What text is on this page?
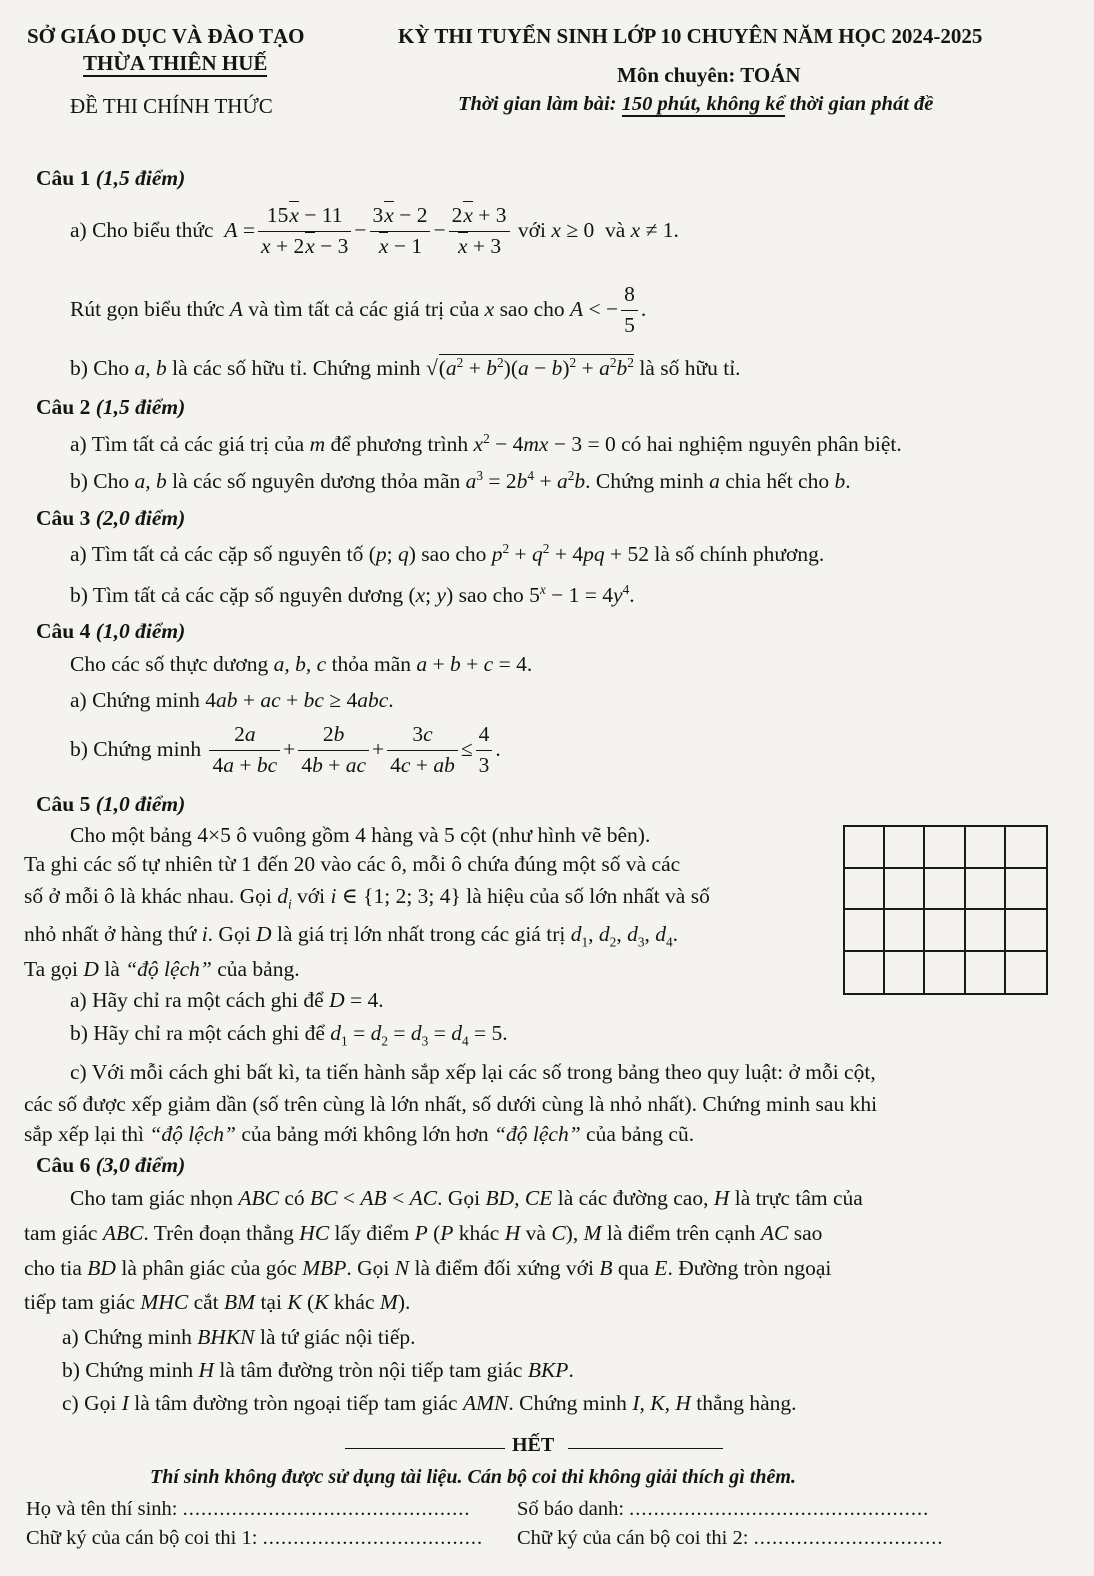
SỞ GIÁO DỤC VÀ ĐÀO TẠO
THỪA THIÊN HUẾ
ĐỀ THI CHÍNH THỨC
KỲ THI TUYỂN SINH LỚP 10 CHUYÊN NĂM HỌC 2024-2025
Môn chuyên: TOÁN
Thời gian làm bài: 150 phút, không kể thời gian phát đề
Câu 1 (1,5 điểm)
a) Cho biểu thức
$A = \frac{15x - 11}{x + 2x - 3} - \frac{3x - 2}{x - 1} - \frac{2x + 3}{x + 3}$
với
x ≥ 0 và
x ≠ 1.
Rút gọn biểu thức
A
và tìm tất cả các giá trị của
x
sao cho
A < − $\frac{8}{5}$ .
b) Cho a, b là các số hữu tỉ. Chứng minh $√(a^2 + b^2)(a - b)^2 + a^2b^2$ là số hữu tỉ.
Câu 2 (1,5 điểm)
a) Tìm tất cả các giá trị của m để phương trình $x^2 - 4mx - 3 = 0$ có hai nghiệm nguyên phân biệt.
b) Cho a, b là các số nguyên dương thỏa mãn $a^3 = 2b^4 + a^2b$. Chứng minh a chia hết cho b.
Câu 3 (2,0 điểm)
a) Tìm tất cả các cặp số nguyên tố (p; q) sao cho $p^2 + q^2 + 4pq + 52$ là số chính phương.
b) Tìm tất cả các cặp số nguyên dương (x; y) sao cho $5^x - 1 = 4y^4$.
Câu 4 (1,0 điểm)
Cho các số thực dương a, b, c thỏa mãn a + b + c = 4.
a) Chứng minh 4ab + ac + bc ≥ 4abc.
b) Chứng minh
$\frac{2a}{4a + bc} + \frac{2b}{4b + ac} + \frac{3c}{4c + ab} \le \frac{4}{3}$ .
Câu 5 (1,0 điểm)
Cho một bảng 4×5 ô vuông gồm 4 hàng và 5 cột (như hình vẽ bên).
Ta ghi các số tự nhiên từ 1 đến 20 vào các ô, mỗi ô chứa đúng một số và các
số ở mỗi ô là khác nhau. Gọi $d_i$ với i ∈ {1; 2; 3; 4} là hiệu của số lớn nhất và số
nhỏ nhất ở hàng thứ i. Gọi D là giá trị lớn nhất trong các giá trị $d_1$, $d_2$, $d_3$, $d_4$.
Ta gọi D là “độ lệch” của bảng.
a) Hãy chỉ ra một cách ghi để D = 4.
b) Hãy chỉ ra một cách ghi để $d_1 = d_2 = d_3 = d_4 = 5$.
c) Với mỗi cách ghi bất kì, ta tiến hành sắp xếp lại các số trong bảng theo quy luật: ở mỗi cột,
các số được xếp giảm dần (số trên cùng là lớn nhất, số dưới cùng là nhỏ nhất). Chứng minh sau khi
sắp xếp lại thì “độ lệch” của bảng mới không lớn hơn “độ lệch” của bảng cũ.
Câu 6 (3,0 điểm)
Cho tam giác nhọn ABC có BC < AB < AC. Gọi BD, CE là các đường cao, H là trực tâm của
tam giác ABC. Trên đoạn thẳng HC lấy điểm P (P khác H và C), M là điểm trên cạnh AC sao
cho tia BD là phân giác của góc MBP. Gọi N là điểm đối xứng với B qua E. Đường tròn ngoại
tiếp tam giác MHC cắt BM tại K (K khác M).
a) Chứng minh BHKN là tứ giác nội tiếp.
b) Chứng minh H là tâm đường tròn nội tiếp tam giác BKP.
c) Gọi I là tâm đường tròn ngoại tiếp tam giác AMN. Chứng minh I, K, H thẳng hàng.
HẾT
Thí sinh không được sử dụng tài liệu. Cán bộ coi thi không giải thích gì thêm.
Họ và tên thí sinh: ............................................... Số báo danh: .................................................
Chữ ký của cán bộ coi thi 1: .................................... Chữ ký của cán bộ coi thi 2: ...............................
